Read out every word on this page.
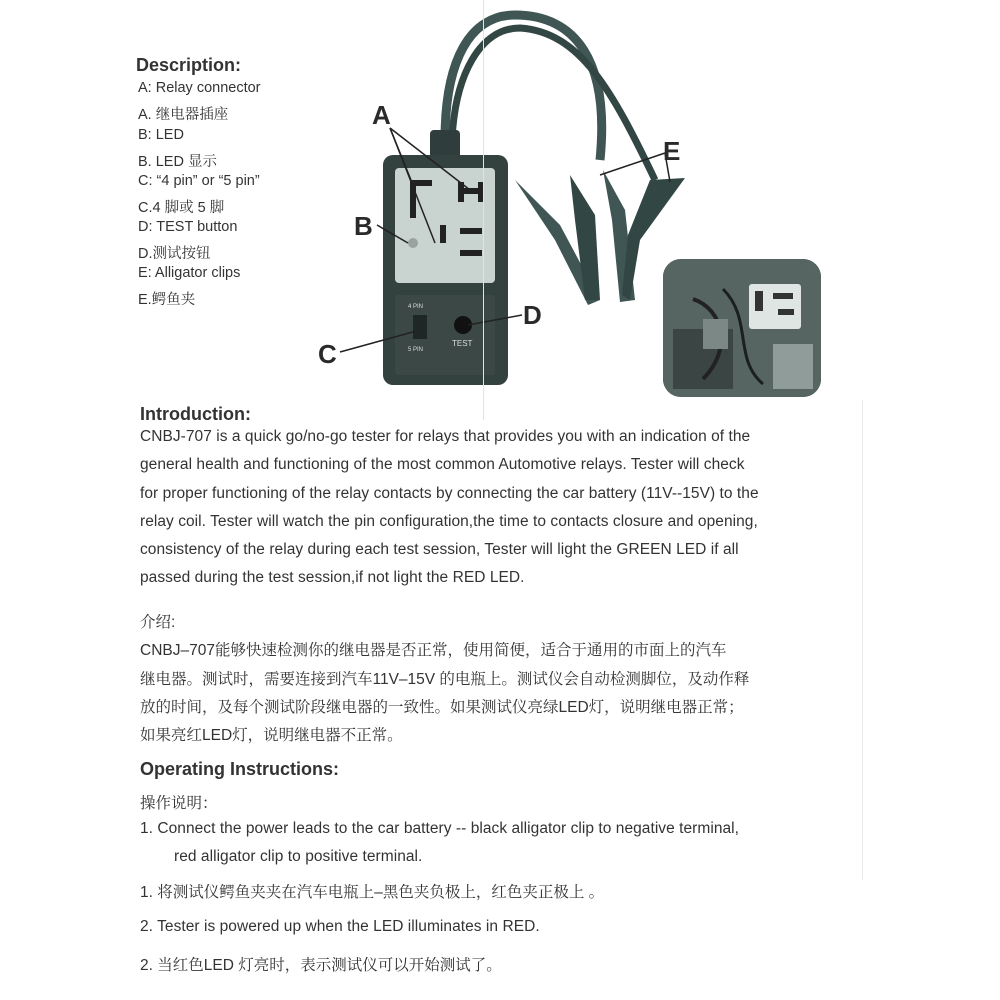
Description:
A: Relay connector
A. 继电器插座
B: LED
B. LED 显示
C: “4 pin” or “5 pin”
C.4 脚或 5 脚
D: TEST button
D.测试按钮
E: Alligator clips
E.鳄鱼夹	4 PIN
5 PIN
TEST
A
B
C
D
E
Introduction:
CNBJ-707 is a quick go/no-go tester for relays that provides you with an indication of the
general health and functioning of the most common Automotive relays. Tester will check
for proper functioning of the relay contacts by connecting the car battery (11V--15V) to the
relay coil. Tester will watch the pin configuration,the time to contacts closure and opening,
consistency of the relay during each test session, Tester will light the GREEN LED if all
passed during the test session,if not light the RED LED.
介绍:
CNBJ–707能够快速检测你的继电器是否正常，使用简便，适合于通用的市面上的汽车
继电器。测试时，需要连接到汽车11V–15V 的电瓶上。测试仪会自动检测脚位，及动作释
放的时间，及每个测试阶段继电器的一致性。如果测试仪亮绿LED灯，说明继电器正常；
如果亮红LED灯，说明继电器不正常。
Operating Instructions:
操作说明：
1. Connect the power leads to the car battery -- black alligator clip to negative terminal,
red alligator clip to positive terminal.
1. 将测试仪鳄鱼夹夹在汽车电瓶上–黑色夹负极上，红色夹正极上 。
2. Tester is powered up when the LED illuminates in RED.
2. 当红色LED 灯亮时，表示测试仪可以开始测试了。
